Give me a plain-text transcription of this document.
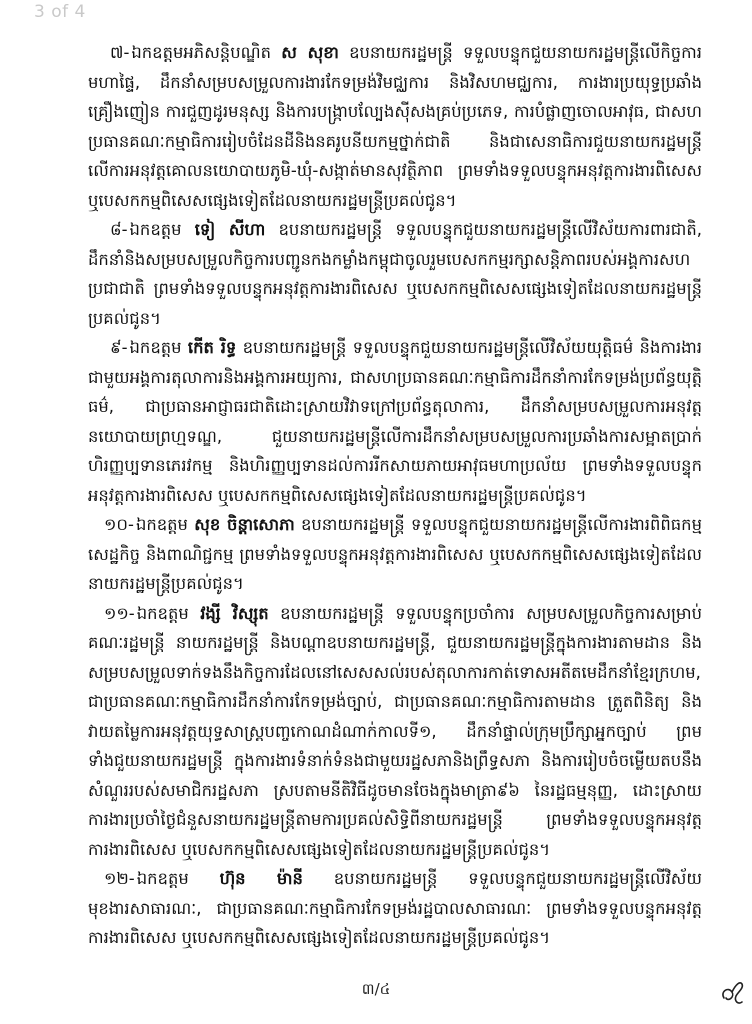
3 of 4

៧- ឯកឧត្តមអភិសន្តិបណ្ឌិត ស សុខា ឧបនាយករដ្ឋមន្ត្រី ទទួលបន្ទុកជួយនាយករដ្ឋមន្ត្រីលើកិច្ចការមហាផ្ទៃ, ដឹកនាំសម្របសម្រួលការងារកែទម្រង់វិមជ្ឈការ និងវិសហមជ្ឈការ, ការងារប្រយុទ្ធប្រឆាំងគ្រឿងញៀន ការជួញដូរមនុស្ស និងការបង្ក្រាបល្បែងស៊ីសងគ្រប់ប្រភេទ, ការបំផ្លាញចោលអាវុធ, ជាសហប្រធានគណៈកម្មាធិការរៀបចំដែនដីនិងនគរូបនីយកម្មថ្នាក់ជាតិ និងជាសេនាធិការជួយនាយករដ្ឋមន្ត្រី លើការអនុវត្តគោលនយោបាយភូមិ-ឃុំ-សង្កាត់មានសុវត្ថិភាព ព្រមទាំងទទួលបន្ទុកអនុវត្តការងារពិសេស ឬបេសកកម្មពិសេសផ្សេងទៀតដែលនាយករដ្ឋមន្ត្រីប្រគល់ជូន។

៨- ឯកឧត្តម ទៀ សីហា ឧបនាយករដ្ឋមន្ត្រី ទទួលបន្ទុកជួយនាយករដ្ឋមន្ត្រីលើវិស័យការពារជាតិ, ដឹកនាំនិងសម្របសម្រួលកិច្ចការបញ្ជូនកងកម្លាំងកម្ពុជាចូលរួមបេសកកម្មរក្សាសន្តិភាពរបស់អង្គការសហប្រជាជាតិ ព្រមទាំងទទួលបន្ទុកអនុវត្តការងារពិសេស ឬបេសកកម្មពិសេសផ្សេងទៀតដែលនាយករដ្ឋមន្ត្រីប្រគល់ជូន។

៩- ឯកឧត្តម កើត រិទ្ធ ឧបនាយករដ្ឋមន្ត្រី ទទួលបន្ទុកជួយនាយករដ្ឋមន្ត្រីលើវិស័យយុត្តិធម៌ និងការងារជាមួយអង្គការតុលាការនិងអង្គការអយ្យការ, ជាសហប្រធានគណៈកម្មាធិការដឹកនាំការកែទម្រង់ប្រព័ន្ធយុត្តិធម៌, ជាប្រធានអាជ្ញាធរជាតិដោះស្រាយវិវាទក្រៅប្រព័ន្ធតុលាការ, ដឹកនាំសម្របសម្រួលការអនុវត្តនយោបាយព្រហ្មទណ្ឌ, ជួយនាយករដ្ឋមន្ត្រីលើការដឹកនាំសម្របសម្រួលការប្រឆាំងការសម្អាតប្រាក់ ហិរញ្ញប្បទានភេរវកម្ម និងហិរញ្ញប្បទានដល់ការរីកសាយភាយអាវុធមហាប្រល័យ ព្រមទាំងទទួលបន្ទុកអនុវត្តការងារពិសេស ឬបេសកកម្មពិសេសផ្សេងទៀតដែលនាយករដ្ឋមន្ត្រីប្រគល់ជូន។

១០- ឯកឧត្តម សុខ ចិន្តាសោភា ឧបនាយករដ្ឋមន្ត្រី ទទួលបន្ទុកជួយនាយករដ្ឋមន្ត្រីលើការងារពិពិធកម្មសេដ្ឋកិច្ច និងពាណិជ្ជកម្ម ព្រមទាំងទទួលបន្ទុកអនុវត្តការងារពិសេស ឬបេសកកម្មពិសេសផ្សេងទៀតដែលនាយករដ្ឋមន្ត្រីប្រគល់ជូន។

១១- ឯកឧត្តម វង្សី វិស្សុត ឧបនាយករដ្ឋមន្ត្រី ទទួលបន្ទុកប្រចាំការ សម្របសម្រួលកិច្ចការសម្រាប់គណៈរដ្ឋមន្ត្រី នាយករដ្ឋមន្ត្រី និងបណ្ដាឧបនាយករដ្ឋមន្ត្រី, ជួយនាយករដ្ឋមន្ត្រីក្នុងការងារតាមដាន និងសម្របសម្រួលទាក់ទងនឹងកិច្ចការដែលនៅសេសសល់របស់តុលាការកាត់ទោសអតីតមេដឹកនាំខ្មែរក្រហម, ជាប្រធានគណៈកម្មាធិការដឹកនាំការកែទម្រង់ច្បាប់, ជាប្រធានគណៈកម្មាធិការតាមដាន ត្រួតពិនិត្យ និងវាយតម្លៃការអនុវត្តយុទ្ធសាស្ត្របញ្ចកោណដំណាក់កាលទី១, ដឹកនាំផ្ទាល់ក្រុមប្រឹក្សាអ្នកច្បាប់ ព្រមទាំងជួយនាយករដ្ឋមន្ត្រី ក្នុងការងារទំនាក់ទំនងជាមួយរដ្ឋសភានិងព្រឹទ្ធសភា និងការរៀបចំចម្លើយតបនឹងសំណួររបស់សមាជិករដ្ឋសភា ស្របតាមនីតិវិធីដូចមានចែងក្នុងមាត្រា៩៦ នៃរដ្ឋធម្មនុញ្ញ, ដោះស្រាយការងារប្រចាំថ្ងៃជំនួសនាយករដ្ឋមន្ត្រីតាមការប្រគល់សិទ្ធិពីនាយករដ្ឋមន្ត្រី ព្រមទាំងទទួលបន្ទុកអនុវត្តការងារពិសេស ឬបេសកកម្មពិសេសផ្សេងទៀតដែលនាយករដ្ឋមន្ត្រីប្រគល់ជូន។

១២- ឯកឧត្តម ហ៊ុន ម៉ានី ឧបនាយករដ្ឋមន្ត្រី ទទួលបន្ទុកជួយនាយករដ្ឋមន្ត្រីលើវិស័យមុខងារសាធារណៈ, ជាប្រធានគណៈកម្មាធិការកែទម្រង់រដ្ឋបាលសាធារណៈ ព្រមទាំងទទួលបន្ទុកអនុវត្តការងារពិសេស ឬបេសកកម្មពិសេសផ្សេងទៀតដែលនាយករដ្ឋមន្ត្រីប្រគល់ជូន។

៣/៤
